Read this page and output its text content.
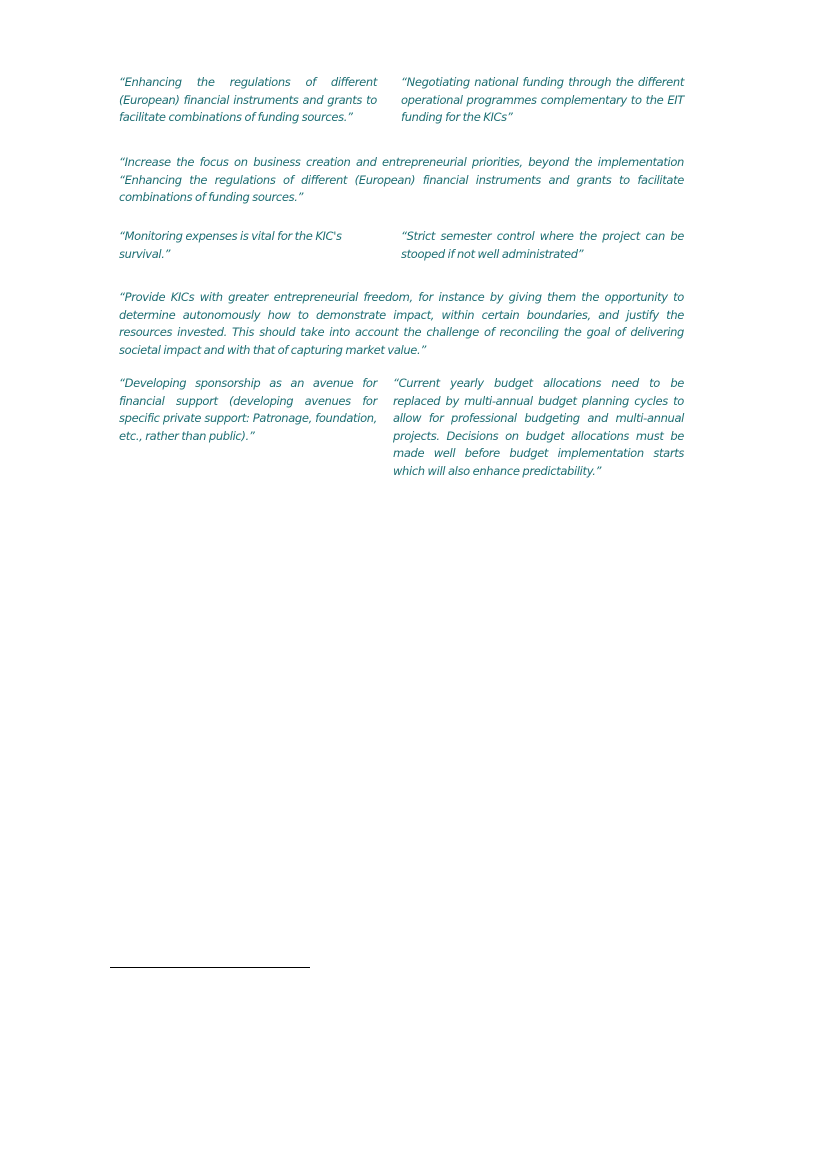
“Enhancing the regulations of different (European) financial instruments and grants to facilitate combinations of funding sources.”

“Negotiating national funding through the different operational programmes complementary to the EIT funding for the KICs”

“Increase the focus on business creation and entrepreneurial priorities, beyond the implementation “Enhancing the regulations of different (European) financial instruments and grants to facilitate combinations of funding sources.”

“Monitoring expenses is vital for the KIC's survival.”

“Strict semester control where the project can be stooped if not well administrated”

“Provide KICs with greater entrepreneurial freedom, for instance by giving them the opportunity to determine autonomously how to demonstrate impact, within certain boundaries, and justify the resources invested. This should take into account the challenge of reconciling the goal of delivering societal impact and with that of capturing market value.”

“Developing sponsorship as an avenue for financial support (developing avenues for specific private support: Patronage, foundation, etc., rather than public).”

“Current yearly budget allocations need to be replaced by multi-annual budget planning cycles to allow for professional budgeting and multi-annual projects. Decisions on budget allocations must be made well before budget implementation starts which will also enhance predictability.”
